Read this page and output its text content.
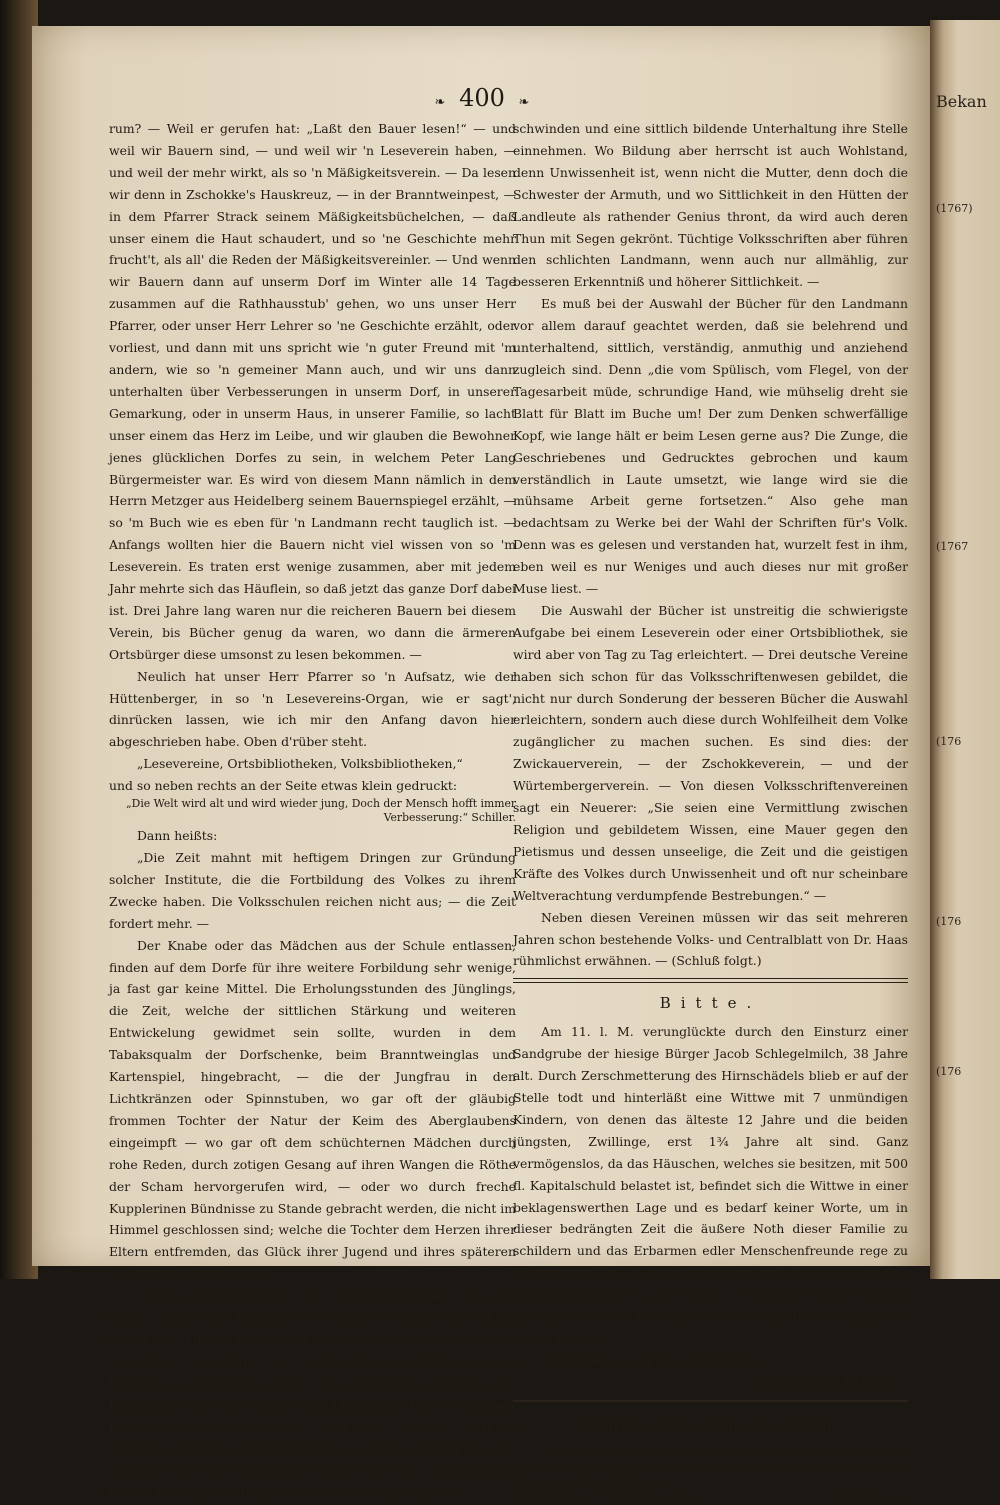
❧ 400 ❧

rum? — Weil er gerufen hat: „Laßt den Bauer lesen!“ — und weil wir Bauern sind, — und weil wir 'n Leseverein haben, — und weil der mehr wirkt, als so 'n Mäßigkeitsverein. — Da lesen wir denn in Zschokke's Hauskreuz, — in der Branntweinpest, — in dem Pfarrer Strack seinem Mäßigkeitsbüchelchen, — daß unser einem die Haut schaudert, und so 'ne Geschichte mehr frucht't, als all' die Reden der Mäßigkeitsvereinler. — Und wenn wir Bauern dann auf unserm Dorf im Winter alle 14 Tage zusammen auf die Rathhausstub' gehen, wo uns unser Herr Pfarrer, oder unser Herr Lehrer so 'ne Geschichte erzählt, oder vorliest, und dann mit uns spricht wie 'n guter Freund mit 'm andern, wie so 'n gemeiner Mann auch, und wir uns dann unterhalten über Verbesserungen in unserm Dorf, in unserer Gemarkung, oder in unserm Haus, in unserer Familie, so lacht unser einem das Herz im Leibe, und wir glauben die Bewohner jenes glücklichen Dorfes zu sein, in welchem Peter Lang Bürgermeister war. Es wird von diesem Mann nämlich in dem Herrn Metzger aus Heidelberg seinem Bauernspiegel erzählt, — so 'm Buch wie es eben für 'n Landmann recht tauglich ist. — Anfangs wollten hier die Bauern nicht viel wissen von so 'm Leseverein. Es traten erst wenige zusammen, aber mit jedem Jahr mehrte sich das Häuflein, so daß jetzt das ganze Dorf dabei ist. Drei Jahre lang waren nur die reicheren Bauern bei diesem Verein, bis Bücher genug da waren, wo dann die ärmeren Ortsbürger diese umsonst zu lesen bekommen. —

Neulich hat unser Herr Pfarrer so 'n Aufsatz, wie der Hüttenberger, in so 'n Lesevereins-Organ, wie er sagt', dinrücken lassen, wie ich mir den Anfang davon hier abgeschrieben habe. Oben d'rüber steht.

„Lesevereine, Ortsbibliotheken, Volksbibliotheken,“

und so neben rechts an der Seite etwas klein gedruckt:

„Die Welt wird alt und wird wieder jung, Doch der Mensch hofft immer Verbesserung:“ Schiller.

Dann heißts:

„Die Zeit mahnt mit heftigem Dringen zur Gründung solcher Institute, die die Fortbildung des Volkes zu ihrem Zwecke haben. Die Volksschulen reichen nicht aus; — die Zeit fordert mehr. —

Der Knabe oder das Mädchen aus der Schule entlassen, finden auf dem Dorfe für ihre weitere Forbildung sehr wenige, ja fast gar keine Mittel. Die Erholungsstunden des Jünglings, die Zeit, welche der sittlichen Stärkung und weiteren Entwickelung gewidmet sein sollte, wurden in dem Tabaksqualm der Dorfschenke, beim Branntweinglas und Kartenspiel, hingebracht, — die der Jungfrau in den Lichtkränzen oder Spinnstuben, wo gar oft der gläubig frommen Tochter der Natur der Keim des Aberglaubens eingeimpft — wo gar oft dem schüchternen Mädchen durch rohe Reden, durch zotigen Gesang auf ihren Wangen die Röthe der Scham hervorgerufen wird, — oder wo durch freche Kupplerinen Bündnisse zu Stande gebracht werden, die nicht im Himmel geschlossen sind; welche die Tochter dem Herzen ihrer Eltern entfremden, das Glück ihrer Jugend und ihres späteren häuslichen Lebens stören. —

Diesem Uebel unserer Zeit entgegenzuwirken ist eine heilige Pflicht der Freunde des Volks, vor allem der Lehrer, denen die Pflege der Jugend, die Seelen der Erwachsenen anvertraut sind. Eins der zweckmäßigsten Mittel, diesem Unwesen entgegen zu treten, sind nun wohl unstreitig die Lesevereine, die Orts- und Volksbibliotheken. Das Lesen eines Buches fesselt den Jüngling und die Jungfrau in ihren Erholungsstunden, und der Inhalt desselben wird dann in der Schenke oder der Spinnstube den Stoff der Unterhaltung bilden. Die früheren Rohheiten werden so allmählig ver-

schwinden und eine sittlich bildende Unterhaltung ihre Stelle einnehmen. Wo Bildung aber herrscht ist auch Wohlstand, denn Unwissenheit ist, wenn nicht die Mutter, denn doch die Schwester der Armuth, und wo Sittlichkeit in den Hütten der Landleute als rathender Genius thront, da wird auch deren Thun mit Segen gekrönt. Tüchtige Volksschriften aber führen den schlichten Landmann, wenn auch nur allmählig, zur besseren Erkenntniß und höherer Sittlichkeit. —

Es muß bei der Auswahl der Bücher für den Landmann vor allem darauf geachtet werden, daß sie belehrend und unterhaltend, sittlich, verständig, anmuthig und anziehend zugleich sind. Denn „die vom Spülisch, vom Flegel, von der Tagesarbeit müde, schrundige Hand, wie mühselig dreht sie Blatt für Blatt im Buche um! Der zum Denken schwerfällige Kopf, wie lange hält er beim Lesen gerne aus? Die Zunge, die Geschriebenes und Gedrucktes gebrochen und kaum verständlich in Laute umsetzt, wie lange wird sie die mühsame Arbeit gerne fortsetzen.“ Also gehe man bedachtsam zu Werke bei der Wahl der Schriften für's Volk. Denn was es gelesen und verstanden hat, wurzelt fest in ihm, eben weil es nur Weniges und auch dieses nur mit großer Muse liest. —

Die Auswahl der Bücher ist unstreitig die schwierigste Aufgabe bei einem Leseverein oder einer Ortsbibliothek, sie wird aber von Tag zu Tag erleichtert. — Drei deutsche Vereine haben sich schon für das Volksschriftenwesen gebildet, die nicht nur durch Sonderung der besseren Bücher die Auswahl erleichtern, sondern auch diese durch Wohlfeilheit dem Volke zugänglicher zu machen suchen. Es sind dies: der Zwickauerverein, — der Zschokkeverein, — und der Würtembergerverein. — Von diesen Volksschriftenvereinen sagt ein Neuerer: „Sie seien eine Vermittlung zwischen Religion und gebildetem Wissen, eine Mauer gegen den Pietismus und dessen unseelige, die Zeit und die geistigen Kräfte des Volkes durch Unwissenheit und oft nur scheinbare Weltverachtung verdumpfende Bestrebungen.“ —

Neben diesen Vereinen müssen wir das seit mehreren Jahren schon bestehende Volks- und Centralblatt von Dr. Haas rühmlichst erwähnen. — (Schluß folgt.)

Bitte.

Am 11. l. M. verunglückte durch den Einsturz einer Sandgrube der hiesige Bürger Jacob Schlegelmilch, 38 Jahre alt. Durch Zerschmetterung des Hirnschädels blieb er auf der Stelle todt und hinterläßt eine Wittwe mit 7 unmündigen Kindern, von denen das älteste 12 Jahre und die beiden jüngsten, Zwillinge, erst 1¾ Jahre alt sind. Ganz vermögenslos, da das Häuschen, welches sie besitzen, mit 500 fl. Kapitalschuld belastet ist, befindet sich die Wittwe in einer beklagenswerthen Lage und es bedarf keiner Worte, um in dieser bedrängten Zeit die äußere Noth dieser Familie zu schildern und das Erbarmen edler Menschenfreunde rege zu machen, ich füge blos die Bitte hinzu, daß dieselben sich eine Weihnachtsfreude durch Gaben christlicher Liebe bereiten und mir oder dem Herausgeber dieses Blattes sie zukommen lassen mögen.

Assenheim am 14. December 1846.

Bornagius, Pfarrer.

Empfangsbescheinigung.

Für Caspar Heidt in Grünberg ist ferner bei mir eingegangen: von Hr. H. Hock, Müller in Assenheim, 1 fl., von einem Ungenannten 24 kr.; Gesammtbetrag: 27 fl. 1½ kr.

Friedberg den 17. Dezember 1846.	C. Bindernagel.
Bekan
(1767)
(1767
(176
(176
(176
